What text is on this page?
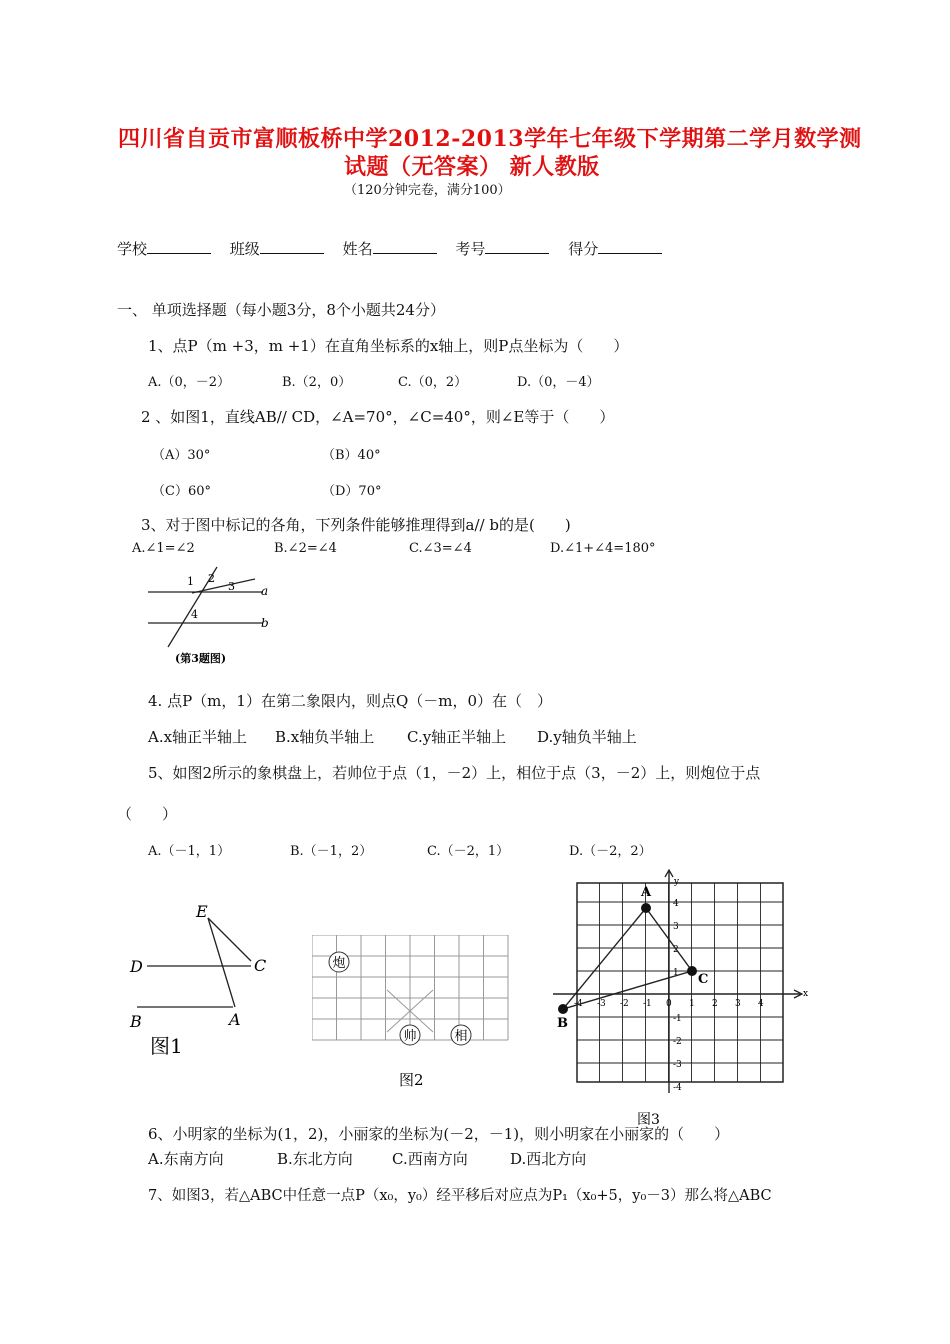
四川省自贡市富顺板桥中学2012-2013学年七年级下学期第二学月数学测
试题（无答案） 新人教版
（120分钟完卷，满分100）
学校	班级	姓名	考号	得分
一、 单项选择题（每小题3分，8个小题共24分）
1、点P（m +3，m +1）在直角坐标系的x轴上，则P点坐标为（　　）
A.（0，－2）	B.（2，0）	C.（0，2）	D.（0，－4）
2 、如图1，直线AB// CD，∠A=70°，∠C=40°，则∠E等于（　　）
（A）30°	（B）40°
（C）60°	（D）70°
3、对于图中标记的各角，下列条件能够推理得到a// b的是(　　)
A.∠1=∠2	B.∠2=∠4	C.∠3=∠4	D.∠1+∠4=180°
1 2
3
4
a
b
(第3题图)
4. 点P（m，1）在第二象限内，则点Q（－m，0）在（　）
A.x轴正半轴上 B.x轴负半轴上 C.y轴正半轴上 D.y轴负半轴上
5、如图2所示的象棋盘上，若帅位于点（1，－2）上，相位于点（3，－2）上，则炮位于点
（　　）
A.（－1，1）	B.（－1，2）	C.（－2，1）	D.（－2，2）
E
D	C
B	A
图1
炮
帅	相
图2
x
y
-4 -3 -2 -1 0 1 2 3 4
4
3
2
1
-1
-2
-3
-4
A
B
C
图3
6、小明家的坐标为(1，2)，小丽家的坐标为(－2，－1)，则小明家在小丽家的（　　）
A.东南方向	B.东北方向	C.西南方向	D.西北方向
7、如图3，若△ABC中任意一点P（x₀，y₀）经平移后对应点为P₁（x₀+5，y₀－3）那么将△ABC
